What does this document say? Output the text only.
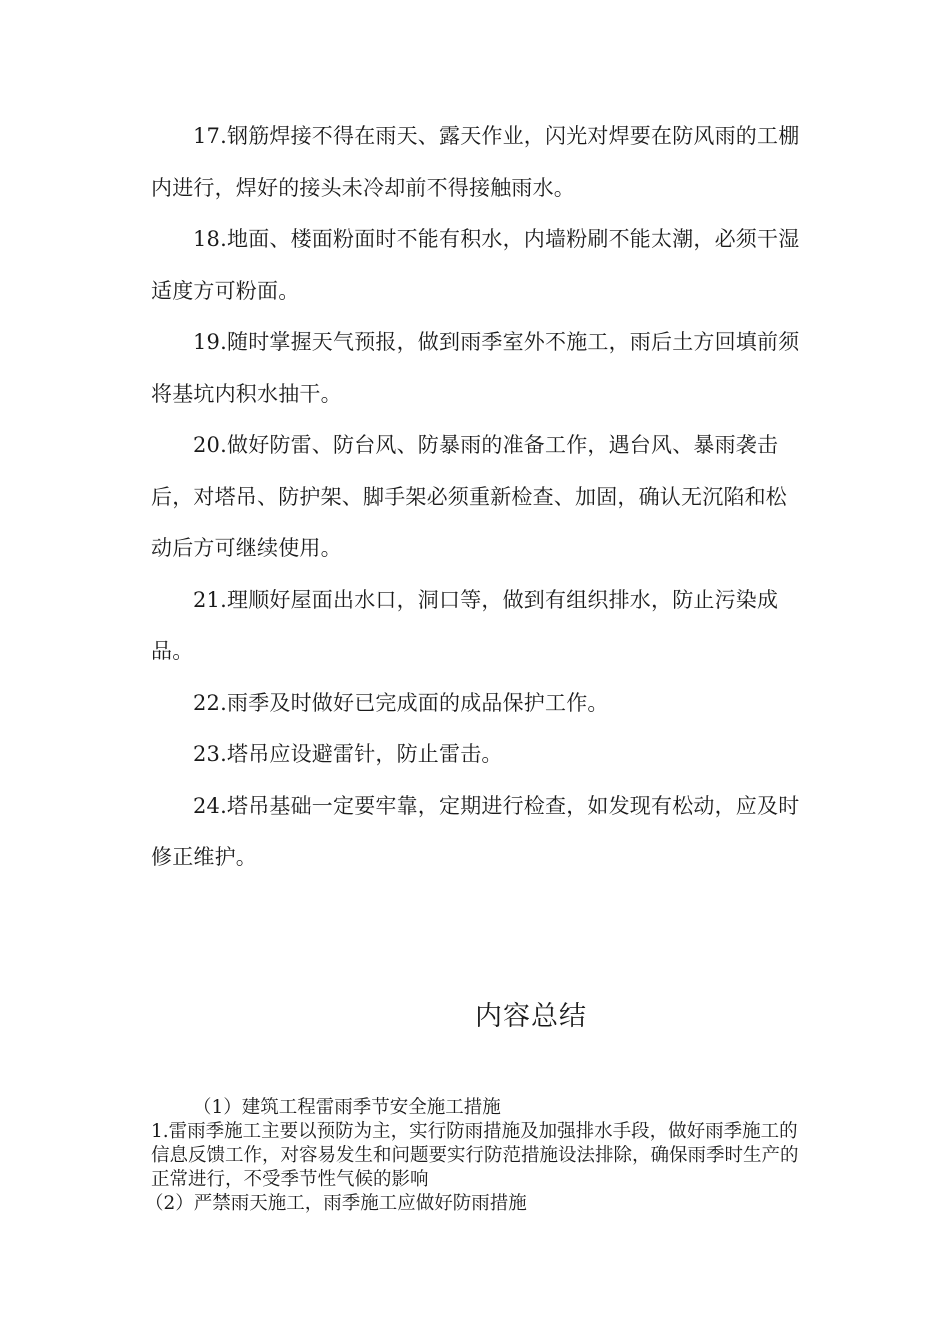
17.钢筋焊接不得在雨天、露天作业，闪光对焊要在防风雨的工棚内进行，焊好的接头未冷却前不得接触雨水。

18.地面、楼面粉面时不能有积水，内墙粉刷不能太潮，必须干湿适度方可粉面。

19.随时掌握天气预报，做到雨季室外不施工，雨后土方回填前须将基坑内积水抽干。

20.做好防雷、防台风、防暴雨的准备工作，遇台风、暴雨袭击后，对塔吊、防护架、脚手架必须重新检查、加固，确认无沉陷和松动后方可继续使用。

21.理顺好屋面出水口，洞口等，做到有组织排水，防止污染成品。

22.雨季及时做好已完成面的成品保护工作。

23.塔吊应设避雷针，防止雷击。

24.塔吊基础一定要牢靠，定期进行检查，如发现有松动，应及时修正维护。

内容总结

（1）建筑工程雷雨季节安全施工措施

1.雷雨季施工主要以预防为主，实行防雨措施及加强排水手段，做好雨季施工的信息反馈工作，对容易发生和问题要实行防范措施设法排除，确保雨季时生产的正常进行，不受季节性气候的影响

（2）严禁雨天施工，雨季施工应做好防雨措施
